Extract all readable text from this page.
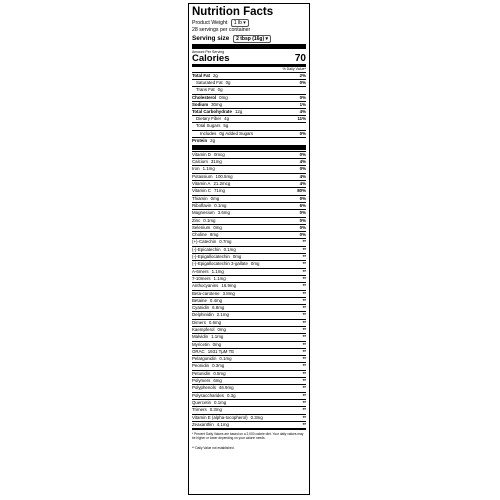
Nutrition Facts
Product Weight 1 lb ▾
28 servings per container
Serving size 2 tbsp (16g) ▾
Amount Per Serving
Calories	70
% Daily Value*
Total Fat 2g	2%
Saturated Fat 0g	0%
Trans Fat 0g
Cholesterol 0mg	0%
Sodium 30mg	1%
Total Carbohydrate 12g	4%
Dietary Fiber 4g	11%
Total Sugars 5g
Includes 0g Added Sugars	0%
Protein 2g
Vitamin D 0mcg	0%
Calcium 31mg	4%
Iron 1.1mg	0%
Potassium 100.5mg	4%
Vitamin A 21.2mcg	4%
Vitamin C 71mg	80%
Thiamin 0mg	0%
Riboflavin 0.1mg	6%
Magnesium 3.6mg	0%
Zinc 0.1mg	0%
Selenium 0mg	0%
Choline 9mg	0%
(+)-Catechin 0.7mg	**
(-)-Epicatechin 0.1mg	**
(-)-Epigallocatechin 0mg	**
(-)-Epigallocatechin 3-gallate 0mg	**
A-6mers 1.1mg	**
7-10mers 1.1mg	**
Anthocyanins 16.9mg	**
Beta-carotene 3.8mg	**
Betaine 0.4mg	**
Cyanidin 6.8mg	**
Delphinidin 2.1mg	**
Dimers 0.6mg	**
Kaempferol 0mg	**
Malvidin 1.1mg	**
Myricetin 0mg	**
ORAC 1931 TµM TE	**
Pelargonidin 0.1mg	**
Peonidin 0.3mg	**
Petunidin 0.5mg	**
Polymers 6mg	**
Polyphenols 46.9mg	**
Polysaccharides 0.3g	**
Quercetin 0.1mg	**
Trimers 0.3mg	**
Vitamin E (alpha-tocopherol) 0.3mg	**
Zeaxanthin 4.1mg	**
* Percent Daily Values are based on a 2,000 calorie diet. Your daily values may be higher or lower depending on your calorie needs.
** Daily Value not established.
